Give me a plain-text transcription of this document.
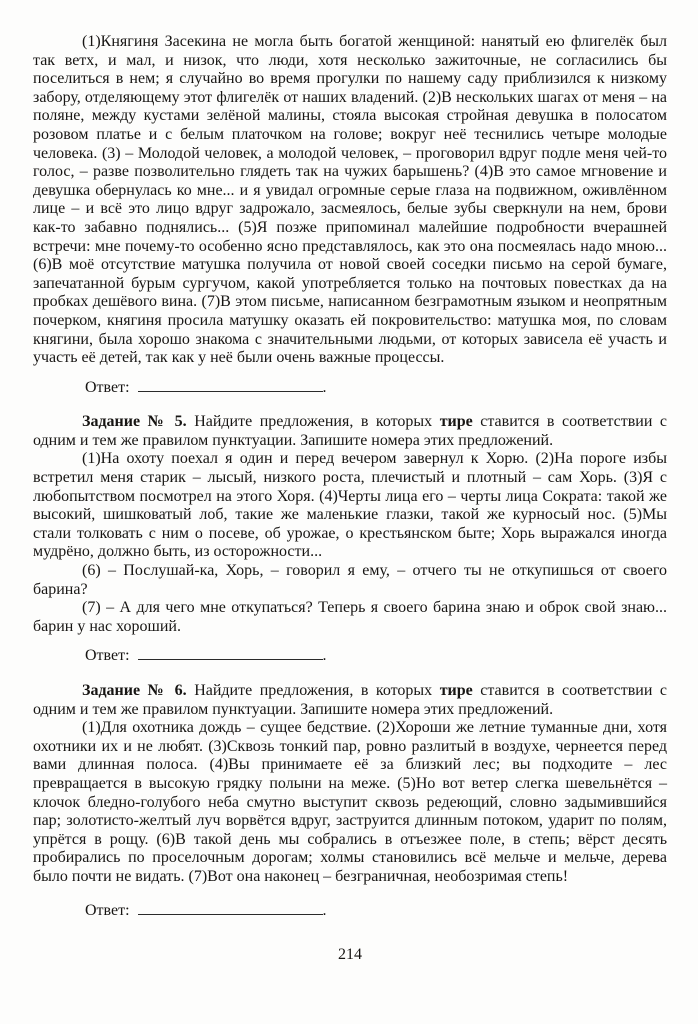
(1)Княгиня Засекина не могла быть богатой женщиной: нанятый ею флигелёк был так ветх, и мал, и низок, что люди, хотя несколько зажиточные, не согласились бы поселиться в нем; я случайно во время прогулки по нашему саду приблизился к низкому забору, отделяющему этот флигелёк от наших владений. (2)В нескольких шагах от меня – на поляне, между кустами зелёной малины, стояла высокая стройная девушка в полосатом розовом платье и с белым платочком на голове; вокруг неё теснились четыре молодые человека. (3) – Молодой человек, а молодой человек, – проговорил вдруг подле меня чей-то голос, – разве позволительно глядеть так на чужих барышень? (4)В это самое мгновение и девушка обернулась ко мне... и я увидал огромные серые глаза на подвижном, оживлённом лице – и всё это лицо вдруг задрожало, засмеялось, белые зубы сверкнули на нем, брови как-то забавно поднялись... (5)Я позже припоминал малейшие подробности вчерашней встречи: мне почему-то особенно ясно представлялось, как это она посмеялась надо мною... (6)В моё отсутствие матушка получила от новой своей соседки письмо на серой бумаге, запечатанной бурым сургучом, какой употребляется только на почтовых повестках да на пробках дешёвого вина. (7)В этом письме, написанном безграмотным языком и неопрятным почерком, княгиня просила матушку оказать ей покровительство: матушка моя, по словам княгини, была хорошо знакома с значительными людьми, от которых зависела её участь и участь её детей, так как у неё были очень важные процессы.

Ответ:	.

Задание № 5. Найдите предложения, в которых тире ставится в соответствии с одним и тем же правилом пунктуации. Запишите номера этих предложений.

(1)На охоту поехал я один и перед вечером завернул к Хорю. (2)На пороге избы встретил меня старик – лысый, низкого роста, плечистый и плотный – сам Хорь. (3)Я с любопытством посмотрел на этого Хоря. (4)Черты лица его – черты лица Сократа: такой же высокий, шишковатый лоб, такие же маленькие глазки, такой же курносый нос. (5)Мы стали толковать с ним о посеве, об урожае, о крестьянском быте; Хорь выражался иногда мудрёно, должно быть, из осторожности...

(6) – Послушай-ка, Хорь, – говорил я ему, – отчего ты не откупишься от своего барина?

(7) – А для чего мне откупаться? Теперь я своего барина знаю и оброк свой знаю... барин у нас хороший.

Ответ:	.

Задание № 6. Найдите предложения, в которых тире ставится в соответствии с одним и тем же правилом пунктуации. Запишите номера этих предложений.

(1)Для охотника дождь – сущее бедствие. (2)Хороши же летние туманные дни, хотя охотники их и не любят. (3)Сквозь тонкий пар, ровно разлитый в воздухе, чернеется перед вами длинная полоса. (4)Вы принимаете её за близкий лес; вы подходите – лес превращается в высокую грядку полыни на меже. (5)Но вот ветер слегка шевельнётся – клочок бледно-голубого неба смутно выступит сквозь редеющий, словно задымившийся пар; золотисто-желтый луч ворвётся вдруг, заструится длинным потоком, ударит по полям, упрётся в рощу. (6)В такой день мы собрались в отъезжее поле, в степь; вёрст десять пробирались по проселочным дорогам; холмы становились всё мельче и мельче, дерева было почти не видать. (7)Вот она наконец – безграничная, необозримая степь!

Ответ:	.

214
